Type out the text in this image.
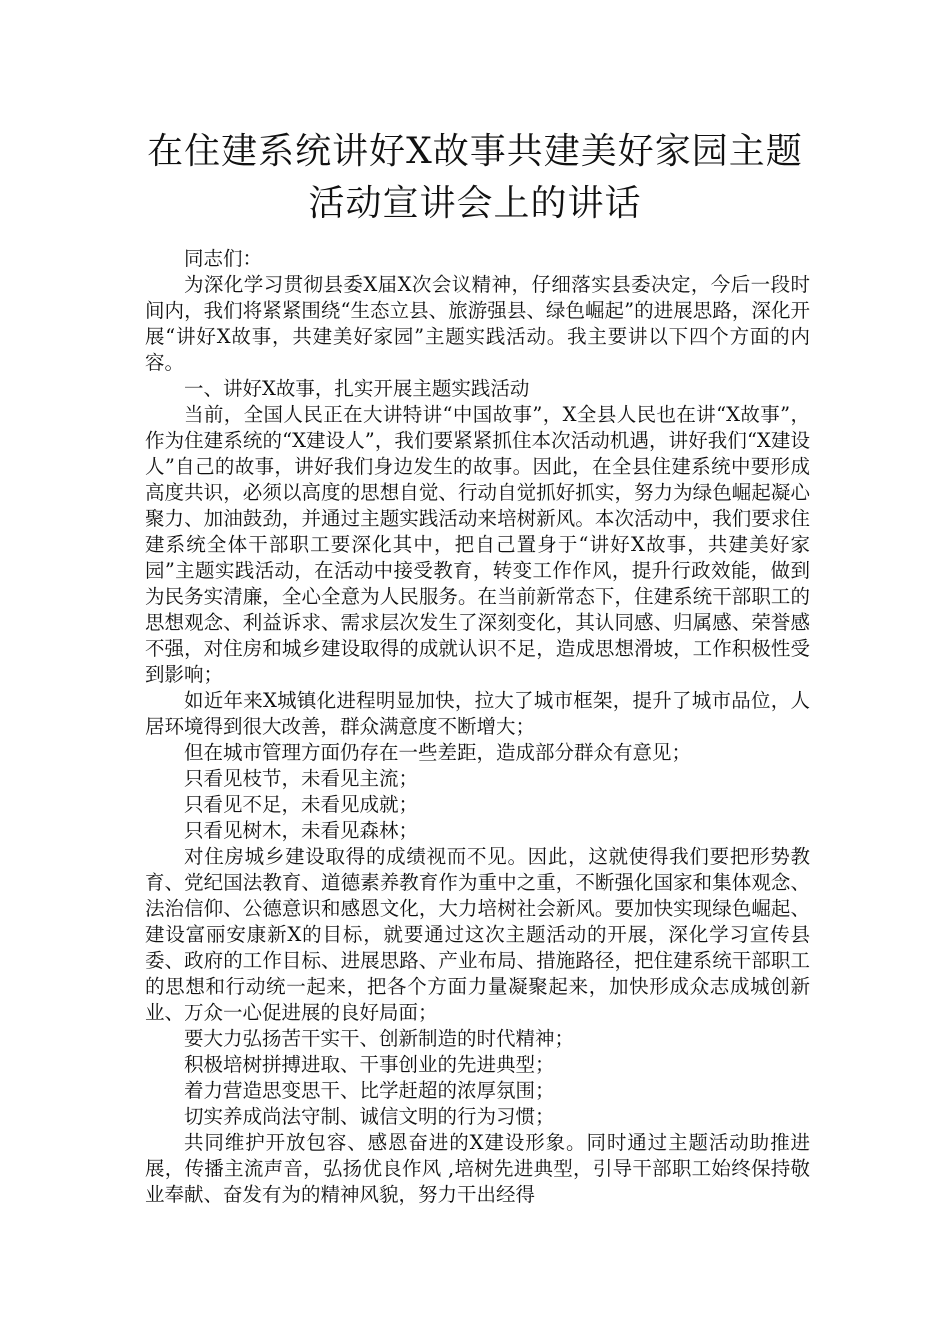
在住建系统讲好X故事共建美好家园主题
活动宣讲会上的讲话

同志们：

为深化学习贯彻县委X届X次会议精神，仔细落实县委决定，今后一段时间内，我们将紧紧围绕“生态立县、旅游强县、绿色崛起”的进展思路，深化开展“讲好X故事，共建美好家园”主题实践活动。我主要讲以下四个方面的内容。

一、讲好X故事，扎实开展主题实践活动

当前，全国人民正在大讲特讲“中国故事”，X全县人民也在讲“X故事”，作为住建系统的“X建设人”，我们要紧紧抓住本次活动机遇，讲好我们“X建设人”自己的故事，讲好我们身边发生的故事。因此，在全县住建系统中要形成高度共识，必须以高度的思想自觉、行动自觉抓好抓实，努力为绿色崛起凝心聚力、加油鼓劲，并通过主题实践活动来培树新风。本次活动中，我们要求住建系统全体干部职工要深化其中，把自己置身于“讲好X故事，共建美好家园”主题实践活动，在活动中接受教育，转变工作作风，提升行政效能，做到为民务实清廉，全心全意为人民服务。在当前新常态下，住建系统干部职工的思想观念、利益诉求、需求层次发生了深刻变化，其认同感、归属感、荣誉感不强，对住房和城乡建设取得的成就认识不足，造成思想滑坡，工作积极性受到影响；

如近年来X城镇化进程明显加快，拉大了城市框架，提升了城市品位，人居环境得到很大改善，群众满意度不断增大；

但在城市管理方面仍存在一些差距，造成部分群众有意见；

只看见枝节，未看见主流；

只看见不足，未看见成就；

只看见树木，未看见森林；

对住房城乡建设取得的成绩视而不见。因此，这就使得我们要把形势教育、党纪国法教育、道德素养教育作为重中之重，不断强化国家和集体观念、法治信仰、公德意识和感恩文化，大力培树社会新风。要加快实现绿色崛起、建设富丽安康新X的目标，就要通过这次主题活动的开展，深化学习宣传县委、政府的工作目标、进展思路、产业布局、措施路径，把住建系统干部职工的思想和行动统一起来，把各个方面力量凝聚起来，加快形成众志成城创新业、万众一心促进展的良好局面；

要大力弘扬苦干实干、创新制造的时代精神；

积极培树拼搏进取、干事创业的先进典型；

着力营造思变思干、比学赶超的浓厚氛围；

切实养成尚法守制、诚信文明的行为习惯；

共同维护开放包容、感恩奋进的X建设形象。同时通过主题活动助推进展，传播主流声音，弘扬优良作风 ,培树先进典型，引导干部职工始终保持敬业奉献、奋发有为的精神风貌，努力干出经得
